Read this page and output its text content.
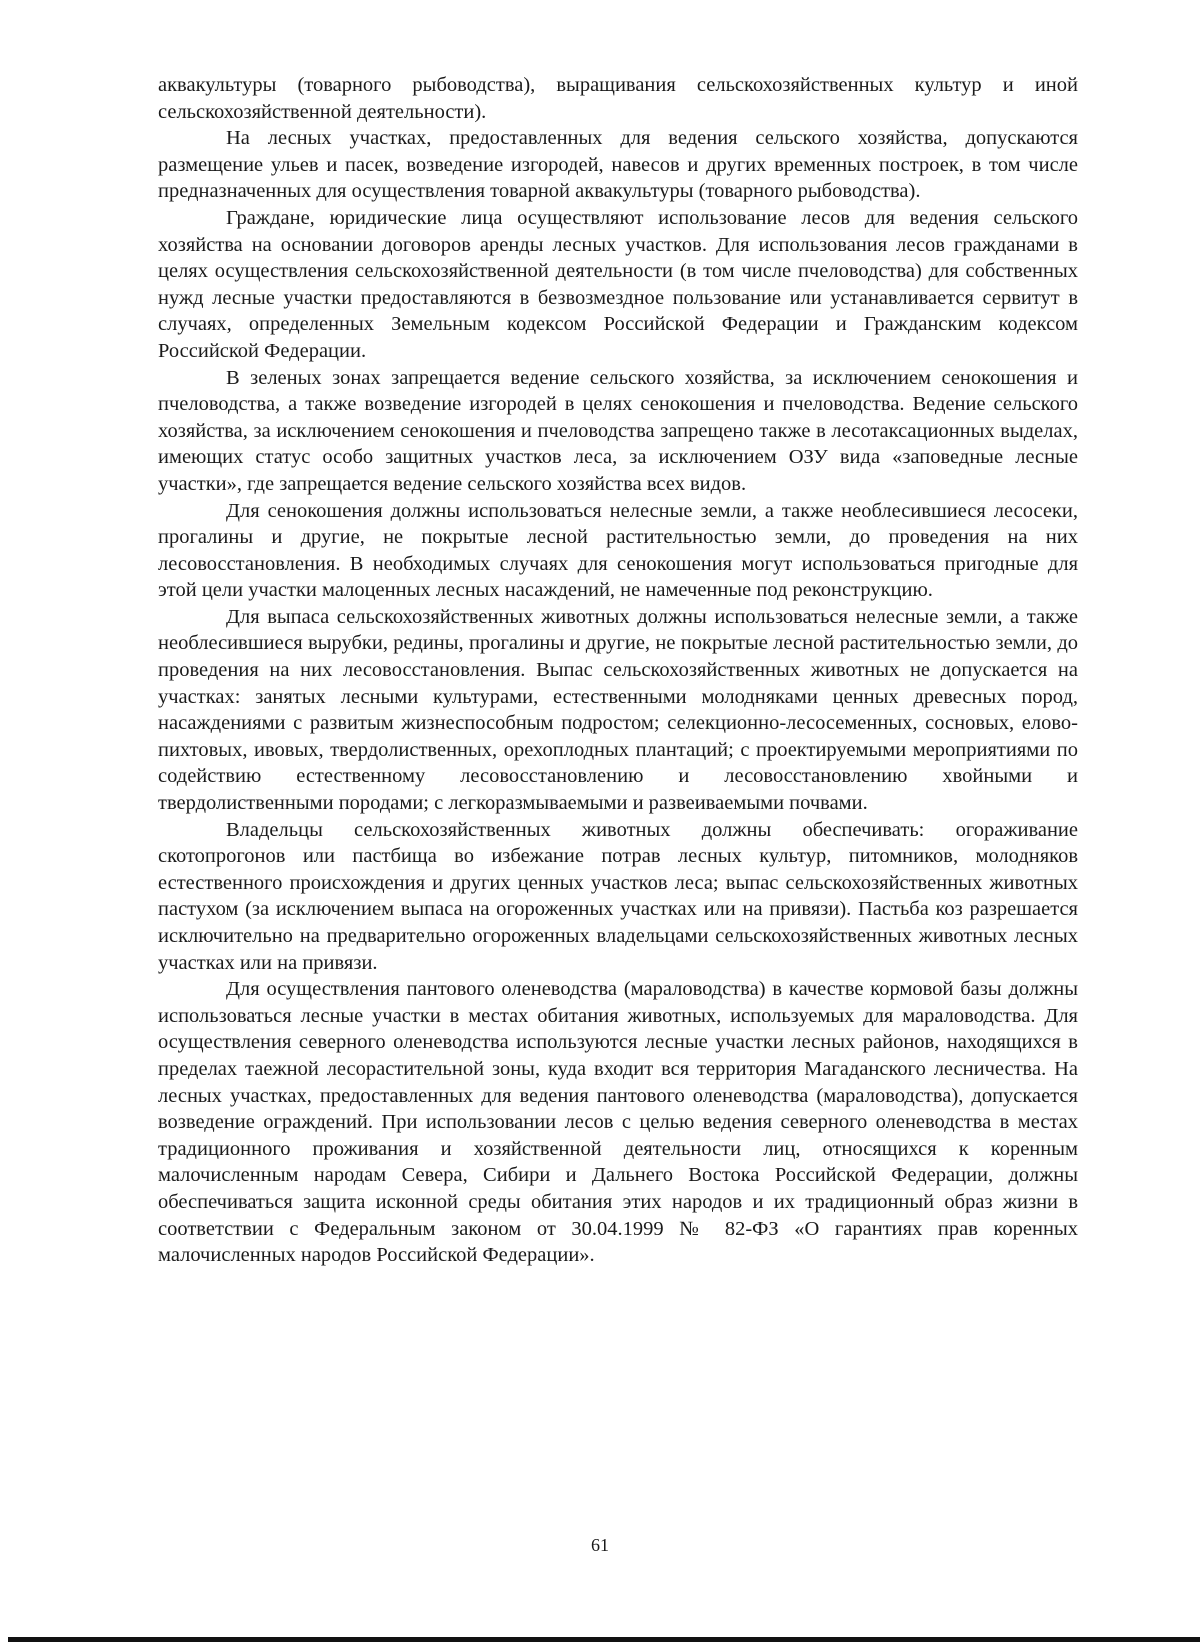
аквакультуры (товарного рыбоводства), выращивания сельскохозяйственных культур и иной сельскохозяйственной деятельности).

На лесных участках, предоставленных для ведения сельского хозяйства, допускаются размещение ульев и пасек, возведение изгородей, навесов и других временных построек, в том числе предназначенных для осуществления товарной аквакультуры (товарного рыбоводства).

Граждане, юридические лица осуществляют использование лесов для ведения сельского хозяйства на основании договоров аренды лесных участков. Для использования лесов гражданами в целях осуществления сельскохозяйственной деятельности (в том числе пчеловодства) для собственных нужд лесные участки предоставляются в безвозмездное пользование или устанавливается сервитут в случаях, определенных Земельным кодексом Российской Федерации и Гражданским кодексом Российской Федерации.

В зеленых зонах запрещается ведение сельского хозяйства, за исключением сенокошения и пчеловодства, а также возведение изгородей в целях сенокошения и пчеловодства. Ведение сельского хозяйства, за исключением сенокошения и пчеловодства запрещено также в лесотаксационных выделах, имеющих статус особо защитных участков леса, за исключением ОЗУ вида «заповедные лесные участки», где запрещается ведение сельского хозяйства всех видов.

Для сенокошения должны использоваться нелесные земли, а также необлесившиеся лесосеки, прогалины и другие, не покрытые лесной растительностью земли, до проведения на них лесовосстановления. В необходимых случаях для сенокошения могут использоваться пригодные для этой цели участки малоценных лесных насаждений, не намеченные под реконструкцию.

Для выпаса сельскохозяйственных животных должны использоваться нелесные земли, а также необлесившиеся вырубки, редины, прогалины и другие, не покрытые лесной растительностью земли, до проведения на них лесовосстановления. Выпас сельскохозяйственных животных не допускается на участках: занятых лесными культурами, естественными молодняками ценных древесных пород, насаждениями с развитым жизнеспособным подростом; селекционно-лесосеменных, сосновых, елово-пихтовых, ивовых, твердолиственных, орехоплодных плантаций; с проектируемыми мероприятиями по содействию естественному лесовосстановлению и лесовосстановлению хвойными и твердолиственными породами; с легкоразмываемыми и развеиваемыми почвами.

Владельцы сельскохозяйственных животных должны обеспечивать: огораживание скотопрогонов или пастбища во избежание потрав лесных культур, питомников, молодняков естественного происхождения и других ценных участков леса; выпас сельскохозяйственных животных пастухом (за исключением выпаса на огороженных участках или на привязи). Пастьба коз разрешается исключительно на предварительно огороженных владельцами сельскохозяйственных животных лесных участках или на привязи.

Для осуществления пантового оленеводства (мараловодства) в качестве кормовой базы должны использоваться лесные участки в местах обитания животных, используемых для мараловодства. Для осуществления северного оленеводства используются лесные участки лесных районов, находящихся в пределах таежной лесорастительной зоны, куда входит вся территория Магаданского лесничества. На лесных участках, предоставленных для ведения пантового оленеводства (мараловодства), допускается возведение ограждений. При использовании лесов с целью ведения северного оленеводства в местах традиционного проживания и хозяйственной деятельности лиц, относящихся к коренным малочисленным народам Севера, Сибири и Дальнего Востока Российской Федерации, должны обеспечиваться защита исконной среды обитания этих народов и их традиционный образ жизни в соответствии с Федеральным законом от 30.04.1999 № 82-ФЗ «О гарантиях прав коренных малочисленных народов Российской Федерации».

61
